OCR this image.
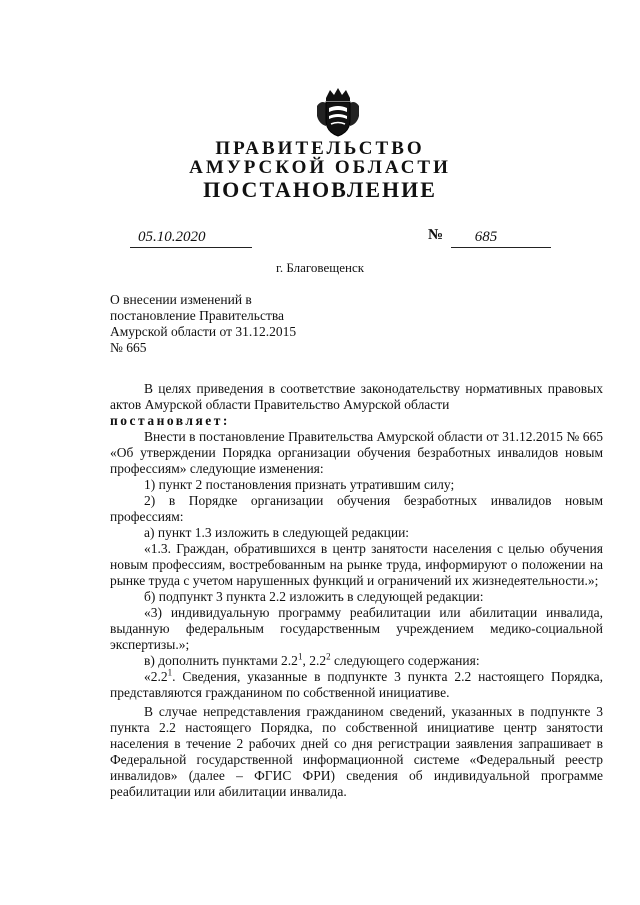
ПРАВИТЕЛЬСТВО

АМУРСКОЙ ОБЛАСТИ

ПОСТАНОВЛЕНИЕ

05.10.2020	№	685
г. Благовещенск
О внесении изменений в
постановление Правительства
Амурской области от 31.12.2015
№ 665

В целях приведения в соответствие законодательству нормативных правовых актов Амурской области Правительство Амурской области

постановляет:

Внести в постановление Правительства Амурской области от 31.12.2015 № 665 «Об утверждении Порядка организации обучения безработных инвалидов новым профессиям» следующие изменения:

1) пункт 2 постановления признать утратившим силу;

2) в Порядке организации обучения безработных инвалидов новым профессиям:

а) пункт 1.3 изложить в следующей редакции:

«1.3. Граждан, обратившихся в центр занятости населения с целью обучения новым профессиям, востребованным на рынке труда, информируют о положении на рынке труда с учетом нарушенных функций и ограничений их жизнедеятельности.»;

б) подпункт 3 пункта 2.2 изложить в следующей редакции:

«3) индивидуальную программу реабилитации или абилитации инвалида, выданную федеральным государственным учреждением медико-социальной экспертизы.»;

в) дополнить пунктами $2.2^1$, $2.2^2$ следующего содержания:

«$2.2^1$. Сведения, указанные в подпункте 3 пункта 2.2 настоящего Порядка, представляются гражданином по собственной инициативе.

В случае непредставления гражданином сведений, указанных в подпункте 3 пункта 2.2 настоящего Порядка, по собственной инициативе центр занятости населения в течение 2 рабочих дней со дня регистрации заявления запрашивает в Федеральной государственной информационной системе «Федеральный реестр инвалидов» (далее – ФГИС ФРИ) сведения об индивидуальной программе реабилитации или абилитации инвалида.
